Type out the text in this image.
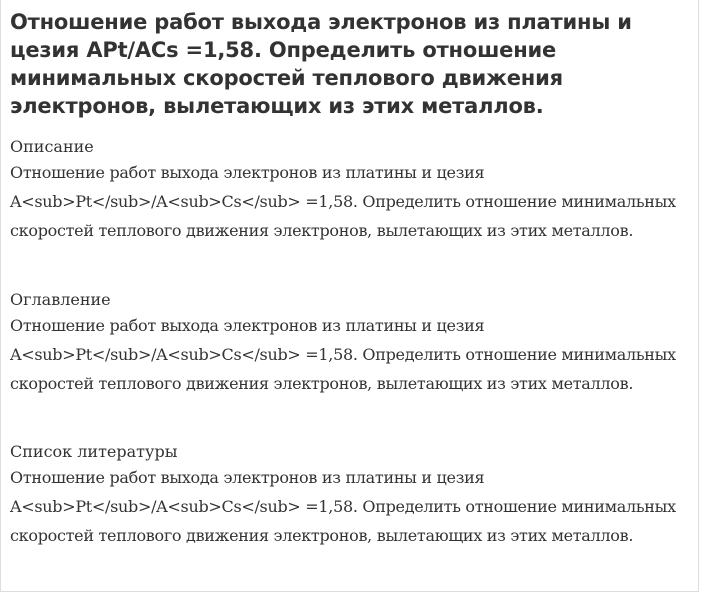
Отношение работ выхода электронов из платины и цезия APt/ACs =1,58. Определить отношение минимальных скоростей теплового движения электронов, вылетающих из этих металлов.

Описание

Отношение работ выхода электронов из платины и цезия A<sub>Pt</sub>/A<sub>Cs</sub> =1,58. Определить отношение минимальных скоростей теплового движения электронов, вылетающих из этих металлов.

Оглавление

Отношение работ выхода электронов из платины и цезия A<sub>Pt</sub>/A<sub>Cs</sub> =1,58. Определить отношение минимальных скоростей теплового движения электронов, вылетающих из этих металлов.

Список литературы

Отношение работ выхода электронов из платины и цезия A<sub>Pt</sub>/A<sub>Cs</sub> =1,58. Определить отношение минимальных скоростей теплового движения электронов, вылетающих из этих металлов.
